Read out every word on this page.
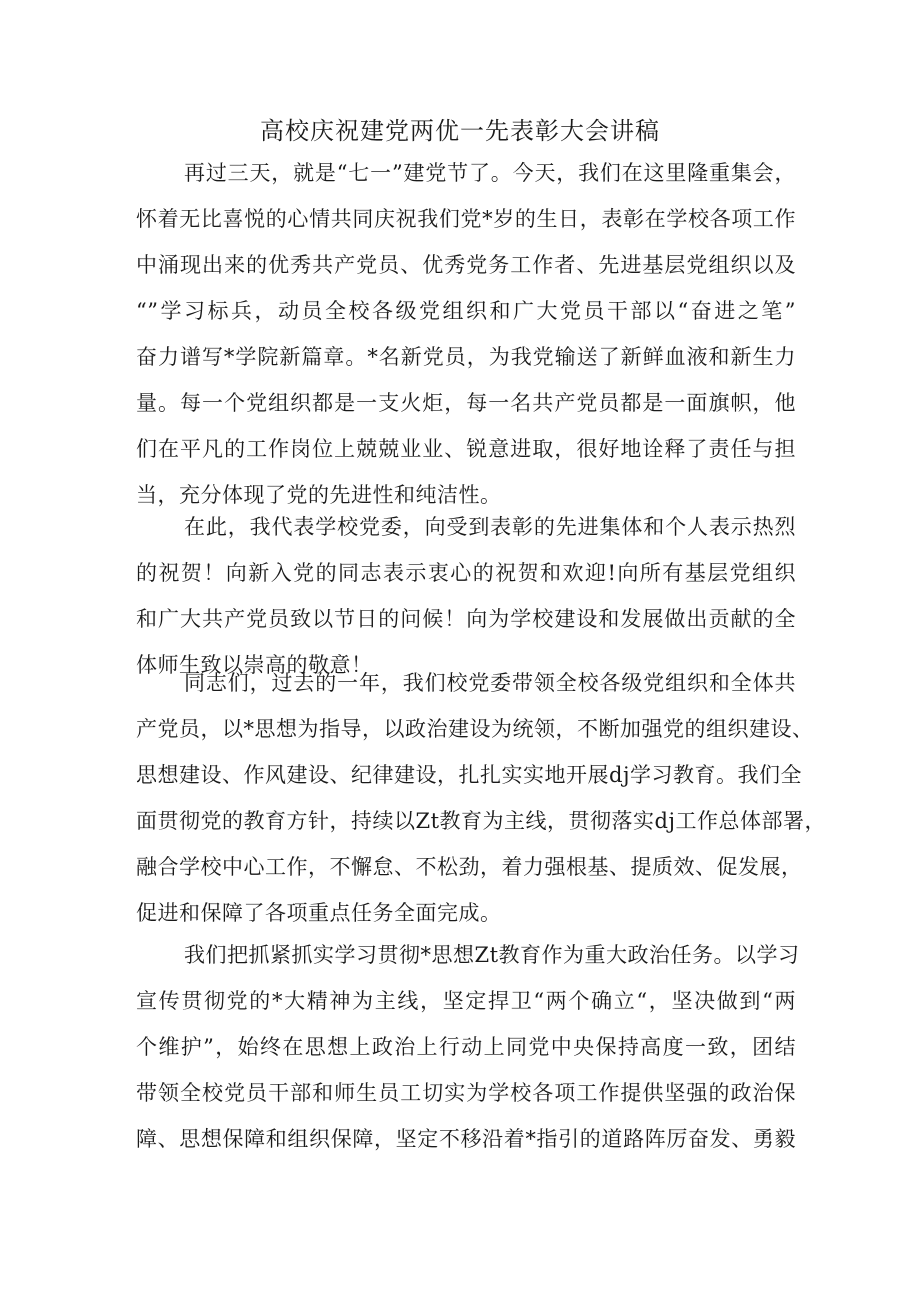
高校庆祝建党两优一先表彰大会讲稿
再过三天，就是“七一”建党节了。今天，我们在这里隆重集会，
怀着无比喜悦的心情共同庆祝我们党*岁的生日，表彰在学校各项工作
中涌现出来的优秀共产党员、优秀党务工作者、先进基层党组织以及
“”学习标兵，动员全校各级党组织和广大党员干部以“奋进之笔”
奋力谱写*学院新篇章。*名新党员，为我党输送了新鲜血液和新生力
量。每一个党组织都是一支火炬，每一名共产党员都是一面旗帜，他
们在平凡的工作岗位上兢兢业业、锐意进取，很好地诠释了责任与担
当，充分体现了党的先进性和纯洁性。
在此，我代表学校党委，向受到表彰的先进集体和个人表示热烈
的祝贺！向新入党的同志表示衷心的祝贺和欢迎!向所有基层党组织
和广大共产党员致以节日的问候！向为学校建设和发展做出贡献的全
体师生致以崇高的敬意！
同志们，过去的一年，我们校党委带领全校各级党组织和全体共
产党员，以*思想为指导，以政治建设为统领，不断加强党的组织建设、
思想建设、作风建设、纪律建设，扎扎实实地开展dj学习教育。我们全
面贯彻党的教育方针，持续以Zt教育为主线，贯彻落实dj工作总体部署，
融合学校中心工作，不懈怠、不松劲，着力强根基、提质效、促发展，
促进和保障了各项重点任务全面完成。
我们把抓紧抓实学习贯彻*思想Zt教育作为重大政治任务。以学习
宣传贯彻党的*大精神为主线，坚定捍卫“两个确立“，坚决做到“两
个维护”，始终在思想上政治上行动上同党中央保持高度一致，团结
带领全校党员干部和师生员工切实为学校各项工作提供坚强的政治保
障、思想保障和组织保障，坚定不移沿着*指引的道路阵厉奋发、勇毅
